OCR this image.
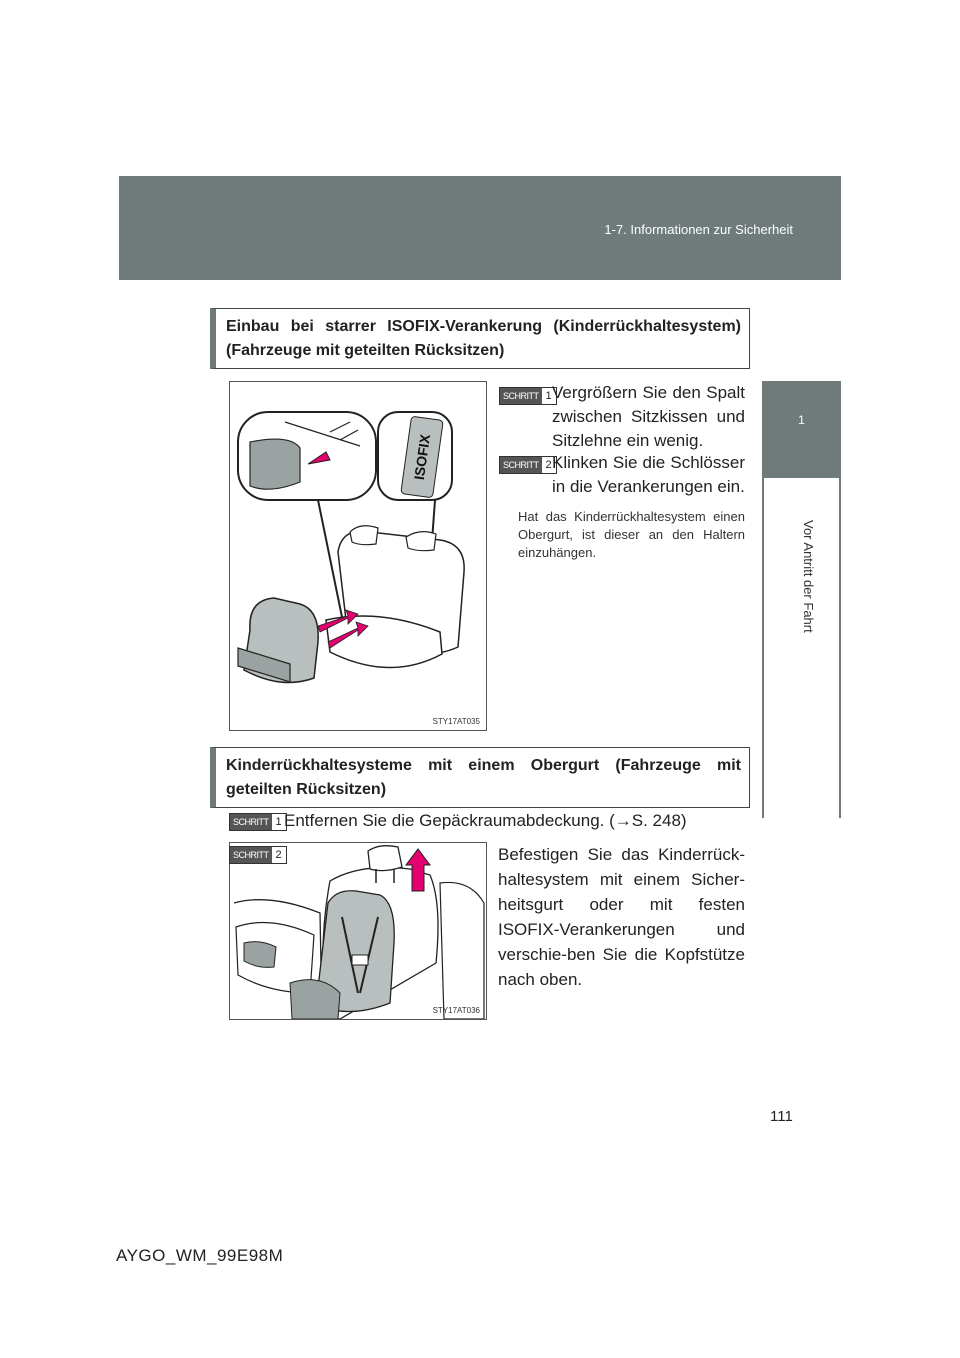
1-7. Informationen zur Sicherheit
1
Vor Antritt der Fahrt
Einbau bei starrer ISOFIX-Verankerung (Kinderrückhaltesystem) (Fahrzeuge mit geteilten Rücksitzen)
ISOFIX
STY17AT035
SCHRITT 1 Vergrößern Sie den Spalt zwischen Sitzkissen und Sitzlehne ein wenig.
SCHRITT 2 Klinken Sie die Schlösser in die Verankerungen ein.
Hat das Kinderrückhaltesystem einen Obergurt, ist dieser an den Haltern einzuhängen.
Kinderrückhaltesysteme mit einem Obergurt (Fahrzeuge mit geteilten Rücksitzen)
SCHRITT 1 Entfernen Sie die Gepäckraumabdeckung. (→S. 248)
STY17AT036
SCHRITT 2	Befestigen Sie das Kinderrück-haltesystem mit einem Sicher-heitsgurt oder mit festen ISOFIX-Verankerungen und verschie-ben Sie die Kopfstütze nach oben.
111
AYGO_WM_99E98M
